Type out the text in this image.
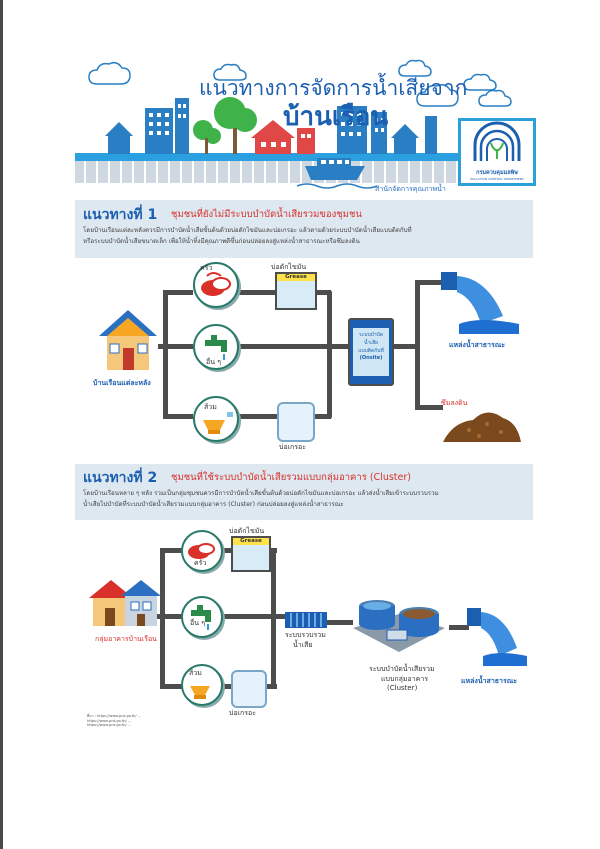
กรมควบคุมมลพิษ
POLLUTION CONTROL DEPARTMENT
แนวทางการจัดการน้ำเสียจาก
บ้านเรือน
สำนักจัดการคุณภาพน้ำ
แนวทางที่ 1 ชุมชนที่ยังไม่มีระบบบำบัดน้ำเสียรวมของชุมชน
โดยบ้านเรือนแต่ละหลังควรมีการบำบัดน้ำเสียขั้นต้นด้วยบ่อดักไขมันและบ่อเกรอะ แล้วตามด้วยระบบบำบัดน้ำเสียแบบติดกับที่
หรือระบบบำบัดน้ำเสียขนาดเล็ก เพื่อให้น้ำทิ้งมีคุณภาพดีขึ้นก่อนปล่อยลงสู่แหล่งน้ำสาธารณะหรือซึมลงดิน
บ้านเรือนแต่ละหลัง
ครัว
อื่น ๆ
ส้วม
บ่อดักไขมัน
Grease
บ่อเกรอะ
ระบบบำบัด
น้ำเสีย
แบบติดกับที่
(Onsite)
แหล่งน้ำสาธารณะ
ซึมลงดิน
แนวทางที่ 2 ชุมชนที่ใช้ระบบบำบัดน้ำเสียรวมแบบกลุ่มอาคาร (Cluster)
โดยบ้านเรือนหลาย ๆ หลัง รวมเป็นกลุ่มชุมชนควรมีการบำบัดน้ำเสียขั้นต้นด้วยบ่อดักไขมันและบ่อเกรอะ แล้วส่งน้ำเสียเข้าระบบรวบรวม
น้ำเสียไปบำบัดที่ระบบบำบัดน้ำเสียรวมแบบกลุ่มอาคาร (Cluster) ก่อนปล่อยลงสู่แหล่งน้ำสาธารณะ
กลุ่มอาคารบ้านเรือน
ครัว
อื่น ๆ
ส้วม
บ่อดักไขมัน
Grease
บ่อเกรอะ
ระบบรวบรวม
น้ำเสีย
ระบบบำบัดน้ำเสียรวม
แบบกลุ่มอาคาร
(Cluster)
แหล่งน้ำสาธารณะ
ที่มา : https://www.pcd.go.th/ ...
https://www.pcd.go.th/ ...
https://www.pcd.go.th/ ...
